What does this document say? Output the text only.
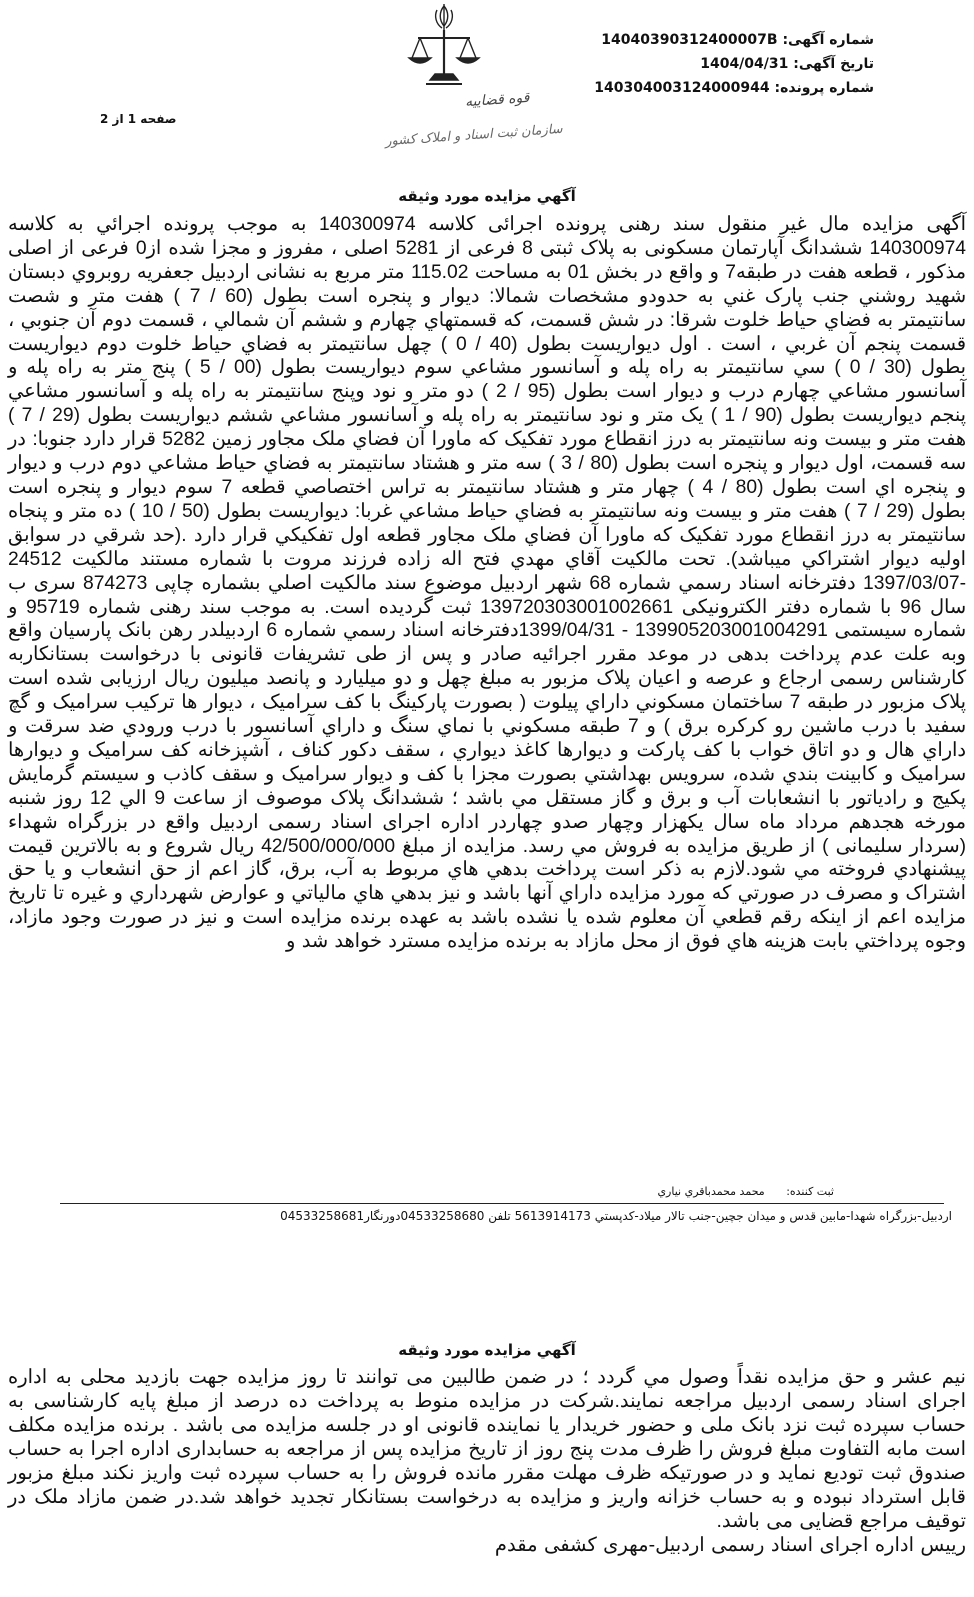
شماره آگهی: 14040390312400007B
تاریخ آگهی: 1404/04/31
شماره پرونده: 140304003124000944
صفحه 1 از 2
قوه قضاییه
سازمان ثبت اسناد و املاک کشور
آگهي مزايده مورد وثيقه

آگهی مزایده مال غیر منقول سند رهنی پرونده اجرائی کلاسه 140300974 به موجب پرونده اجرائي به کلاسه 140300974 ششدانگ آپارتمان مسکونی به پلاک ثبتی 8 فرعی از 5281 اصلی ، مفروز و مجزا شده از0 فرعی از اصلی مذکور ، قطعه هفت در طبقه7 و واقع در بخش 01 به مساحت 115.02 متر مربع به نشانی اردبيل جعفريه روبروي دبستان شهيد روشني جنب پارک غني به حدودو مشخصات شمالا: ديوار و پنجره است بطول (60 / 7 ) هفت متر و شصت سانتيمتر به فضاي حياط خلوت شرقا: در شش قسمت، که قسمتهاي چهارم و ششم آن شمالي ، قسمت دوم آن جنوبي ، قسمت پنجم آن غربي ، است . اول ديواريست بطول (40 / 0 ) چهل سانتيمتر به فضاي حياط خلوت دوم ديواريست بطول (30 / 0 ) سي سانتيمتر به راه پله و آسانسور مشاعي سوم ديواريست بطول (00 / 5 ) پنج متر به راه پله و آسانسور مشاعي چهارم درب و ديوار است بطول (95 / 2 ) دو متر و نود وپنج سانتيمتر به راه پله و آسانسور مشاعي پنجم ديواريست بطول (90 / 1 ) يک متر و نود سانتيمتر به راه پله و آسانسور مشاعي ششم ديواريست بطول (29 / 7 ) هفت متر و بيست ونه سانتيمتر به درز انقطاع مورد تفکيک که ماورا آن فضاي ملک مجاور زمين 5282 قرار دارد جنوبا: در سه قسمت، اول ديوار و پنجره است بطول (80 / 3 ) سه متر و هشتاد سانتيمتر به فضاي حياط مشاعي دوم درب و ديوار و پنجره اي است بطول (80 / 4 ) چهار متر و هشتاد سانتيمتر به تراس اختصاصي قطعه 7 سوم ديوار و پنجره است بطول (29 / 7 ) هفت متر و بيست ونه سانتيمتر به فضاي حياط مشاعي غربا: ديواريست بطول (50 / 10 ) ده متر و پنجاه سانتيمتر به درز انقطاع مورد تفکيک که ماورا آن فضاي ملک مجاور قطعه اول تفکيکي قرار دارد .(حد شرقي در سوابق اوليه ديوار اشتراکي ميباشد). تحت مالکيت آقاي مهدي فتح اله زاده فرزند مروت با شماره مستند مالکيت 24512 -1397/03/07 دفترخانه اسناد رسمي شماره 68 شهر اردبيل موضوع سند مالکيت اصلي بشماره چاپی 874273 سری ب سال 96 با شماره دفتر الکترونیکی 139720303001002661 ثبت گردیده است. به موجب سند رهنی شماره 95719 و شماره سيستمی 139905203001004291 - 1399/04/31دفترخانه اسناد رسمي شماره 6 اردبيلدر رهن بانک پارسيان واقع وبه علت عدم پرداخت بدهی در موعد مقرر اجرائيه صادر و پس از طی تشريفات قانونی با درخواست بستانکاربه کارشناس رسمی ارجاع و عرصه و اعيان پلاک مزبور به مبلغ چهل و دو ميليارد و پانصد ميليون ريال ارزيابی شده است پلاک مزبور در طبقه 7 ساختمان مسکوني داراي پيلوت ( بصورت پارکينگ با کف سراميک ، ديوار ها ترکيب سراميک و گچ سفيد با درب ماشين رو کرکره برق ) و 7 طبقه مسکوني با نماي سنگ و داراي آسانسور با درب ورودي ضد سرقت و داراي هال و دو اتاق خواب با کف پارکت و ديوارها کاغذ ديواري ، سقف دکور کناف ، آشپزخانه کف سراميک و ديوارها سراميک و کابينت بندي شده، سرويس بهداشتي بصورت مجزا با کف و ديوار سراميک و سقف کاذب و سيستم گرمايش پکيج و رادياتور با انشعابات آب و برق و گاز مستقل مي باشد ؛ ششدانگ پلاک موصوف از ساعت 9 الي 12 روز شنبه مورخه هجدهم مرداد ماه سال يکهزار وچهار صدو چهاردر اداره اجرای اسناد رسمی اردبیل واقع در بزرگراه شهداء (سردار سلیمانی ) از طریق مزایده به فروش مي رسد. مزايده از مبلغ 42/500/000/000 ريال شروع و به بالاترين قيمت پيشنهادي فروخته مي شود.لازم به ذکر است پرداخت بدهي هاي مربوط به آب، برق، گاز اعم از حق انشعاب و يا حق اشتراک و مصرف در صورتي که مورد مزايده داراي آنها باشد و نيز بدهي هاي مالياتي و عوارض شهرداري و غيره تا تاريخ مزايده اعم از اينکه رقم قطعي آن معلوم شده يا نشده باشد به عهده برنده مزايده است و نيز در صورت وجود مازاد، وجوه پرداختي بابت هزينه هاي فوق از محل مازاد به برنده مزايده مسترد خواهد شد و

ثبت کننده: محمد محمدباقري نياري
اردبيل-بزرگراه شهدا-مابين قدس و ميدان جچين-جنب تالار ميلاد-کدپستي 5613914173 تلفن 04533258680دورنگار04533258681
آگهي مزايده مورد وثيقه

نیم عشر و حق مزایده نقداً وصول مي گردد ؛ در ضمن طالبین می توانند تا روز مزایده جهت بازدید محلی به اداره اجرای اسناد رسمی اردبیل مراجعه نمایند.شرکت در مزایده منوط به پرداخت ده درصد از مبلغ پایه کارشناسی به حساب سپرده ثبت نزد بانک ملی و حضور خریدار یا نماینده قانونی او در جلسه مزایده می باشد . برنده مزایده مکلف است مابه التفاوت مبلغ فروش را ظرف مدت پنج روز از تاریخ مزایده پس از مراجعه به حسابداری اداره اجرا به حساب صندوق ثبت تودیع نماید و در صورتیکه ظرف مهلت مقرر مانده فروش را به حساب سپرده ثبت واریز نکند مبلغ مزبور قابل استرداد نبوده و به حساب خزانه واریز و مزایده به درخواست بستانکار تجدید خواهد شد.در ضمن مازاد ملک در توقیف مراجع قضایی می باشد.
رییس اداره اجرای اسناد رسمی اردبیل-مهری کشفی مقدم
